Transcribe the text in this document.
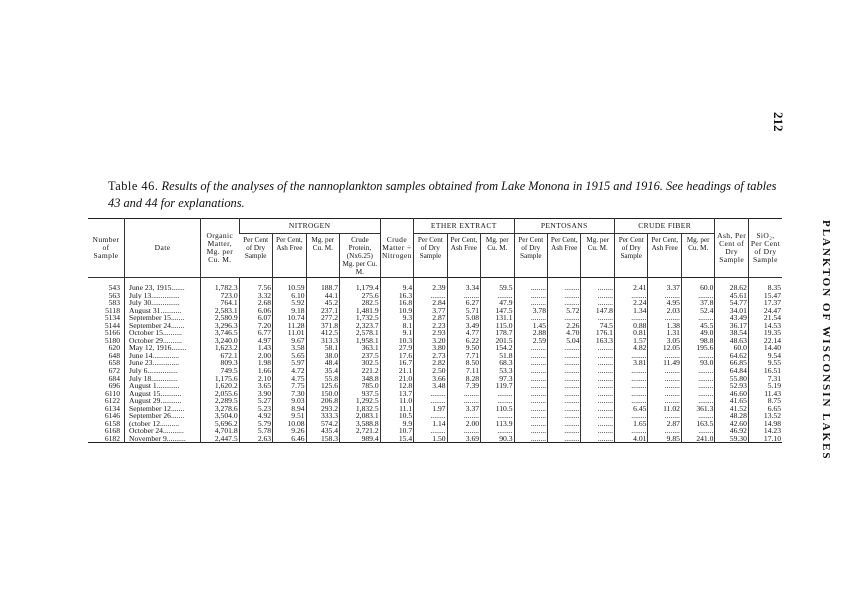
212
PLANKTON OF WISCONSIN LAKES
Table 46. Results of the analyses of the nannoplankton samples obtained from Lake Monona in 1915 and 1916. See headings of tables 43 and 44 for explanations.
Number of Sample	Date	Organic Matter, Mg. per Cu. M.	NITROGEN				Crude Matter ÷ Nitrogen	ETHER EXTRACT			PENTOSANS			CRUDE FIBER			Ash, Per Cent of Dry Sample	SiO₂, Per Cent of Dry Sample
			Per Cent of Dry Sample	Per Cent, Ash Free	Mg. per Cu. M.	Crude Protein, (Nx6.25) Mg. per Cu. M.		Per Cent of Dry Sample	Per Cent, Ash Free	Mg. per Cu. M.	Per Cent of Dry Sample	Per Cent, Ash Free	Mg. per Cu. M.	Per Cent of Dry Sample	Per Cent, Ash Free	Mg. per Cu. M.		
543	June 23, 1915.......	1,782.3	7.56	10.59	188.7	1,179.4	9.4	2.39	3.34	59.5	........	........	........	2.41	3.37	60.0	28.62	8.35
563	July 13...............	723.0	3.32	6.10	44.1	275.6	16.3	........	........	........	........	........	........	........	........	........	45.61	15.47
583	July 30...............	764.1	2.68	5.92	45.2	282.5	16.8	2.84	6.27	47.9	........	........	........	2.24	4.95	37.8	54.77	17.37
5118	August 31...........	2,583.1	6.06	9.18	237.1	1,481.9	10.9	3.77	5.71	147.5	3.78	5.72	147.8	1.34	2.03	52.4	34.01	24.47
5134	September 15.......	2,580.9	6.07	10.74	277.2	1,732.5	9.3	2.87	5.08	131.1	........	........	........	........	........	........	43.49	21.54
5144	September 24.......	3,296.3	7.20	11.28	371.8	2,323.7	8.1	2.23	3.49	115.0	1.45	2.26	74.5	0.88	1.38	45.5	36.17	14.53
5166	October 15..........	3,746.5	6.77	11.01	412.5	2,578.1	9.1	2.93	4.77	178.7	2.88	4.70	176.1	0.81	1.31	49.0	38.54	19.35
5180	October 29..........	3,240.0	4.97	9.67	313.3	1,958.1	10.3	3.20	6.22	201.5	2.59	5.04	163.3	1.57	3.05	98.8	48.63	22.14
620	May 12, 1916........	1,623.2	1.43	3.58	58.1	363.1	27.9	3.80	9.50	154.2	........	........	........	4.82	12.05	195.6	60.0	14.40
648	June 14..............	672.1	2.00	5.65	38.0	237.5	17.6	2.73	7.71	51.8	........	........	........	........	........	........	64.62	9.54
658	June 23..............	809.3	1.98	5.97	48.4	302.5	16.7	2.82	8.50	68.3	........	........	........	3.81	11.49	93.0	66.85	9.55
672	July 6................	749.5	1.66	4.72	35.4	221.2	21.1	2.50	7.11	53.3	........	........	........	........	........	........	64.84	16.51
684	July 18..............	1,175.6	2.10	4.75	55.8	348.8	21.0	3.66	8.28	97.3	........	........	........	........	........	........	55.80	7.31
696	August 1............	1,620.2	3.65	7.75	125.6	785.0	12.8	3.48	7.39	119.7	........	........	........	........	........	........	52.93	5.19
6110	August 15...........	2,055.6	3.90	7.30	150.0	937.5	13.7	........	........	........	........	........	........	........	........	........	46.60	11.43
6122	August 29...........	2,289.5	5.27	9.03	206.8	1,292.5	11.0	........	........	........	........	........	........	........	........	........	41.65	8.75
6134	September 12.......	3,278.6	5.23	8.94	293.2	1,832.5	11.1	1.97	3.37	110.5	........	........	........	6.45	11.02	361.3	41.52	6.65
6146	September 26.......	3,504.0	4.92	9.51	333.3	2,083.1	10.5	........	........	........	........	........	........	........	........	........	48.28	13.52
6158	(ctober 12..........	5,696.2	5.79	10.08	574.2	3,588.8	9.9	1.14	2.00	113.9	........	........	........	1.65	2.87	163.5	42.60	14.98
6168	October 24...........	4,701.8	5.78	9.26	435.4	2,721.2	10.7	........	........	........	........	........	........	........	........	........	46.92	14.23
6182	November 9..........	2,447.5	2.63	6.46	158.3	989.4	15.4	1.50	3.69	90.3	........	........	........	4.01	9.85	241.0	59.30	17.10
